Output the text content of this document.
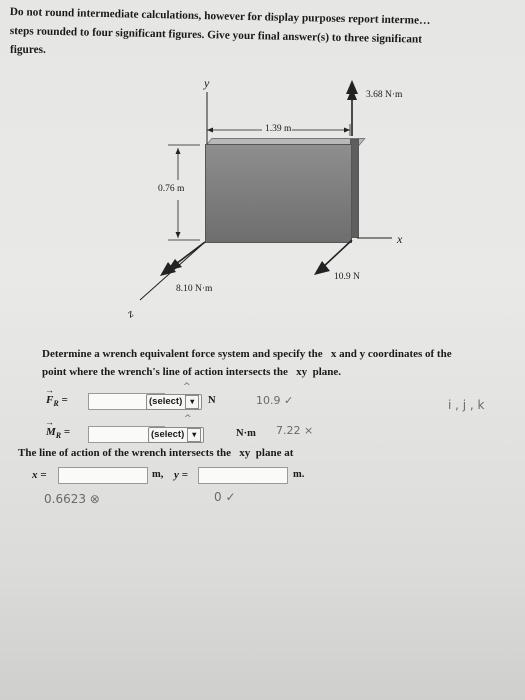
Do not round intermediate calculations, however for display purposes report interme…
steps rounded to four significant figures. Give your final answer(s) to three significant
figures.
y
x
z
3.68 N·m
1.39 m
0.76 m
8.10 N·m
10.9 N
Determine a wrench equivalent force system and specify the   x and y coordinates of the
point where the wrench's line of action intersects the   xy  plane.
→ $F_R$ =	(select) ▾	N	10.9 ✓
^
→ $M_R$ =	(select) ▾	N·m 7.22 ×
^
The line of action of the wrench intersects the   xy  plane at
x =	m, y =	m.
0.6623 ⊗	0 ✓
i , j , k
